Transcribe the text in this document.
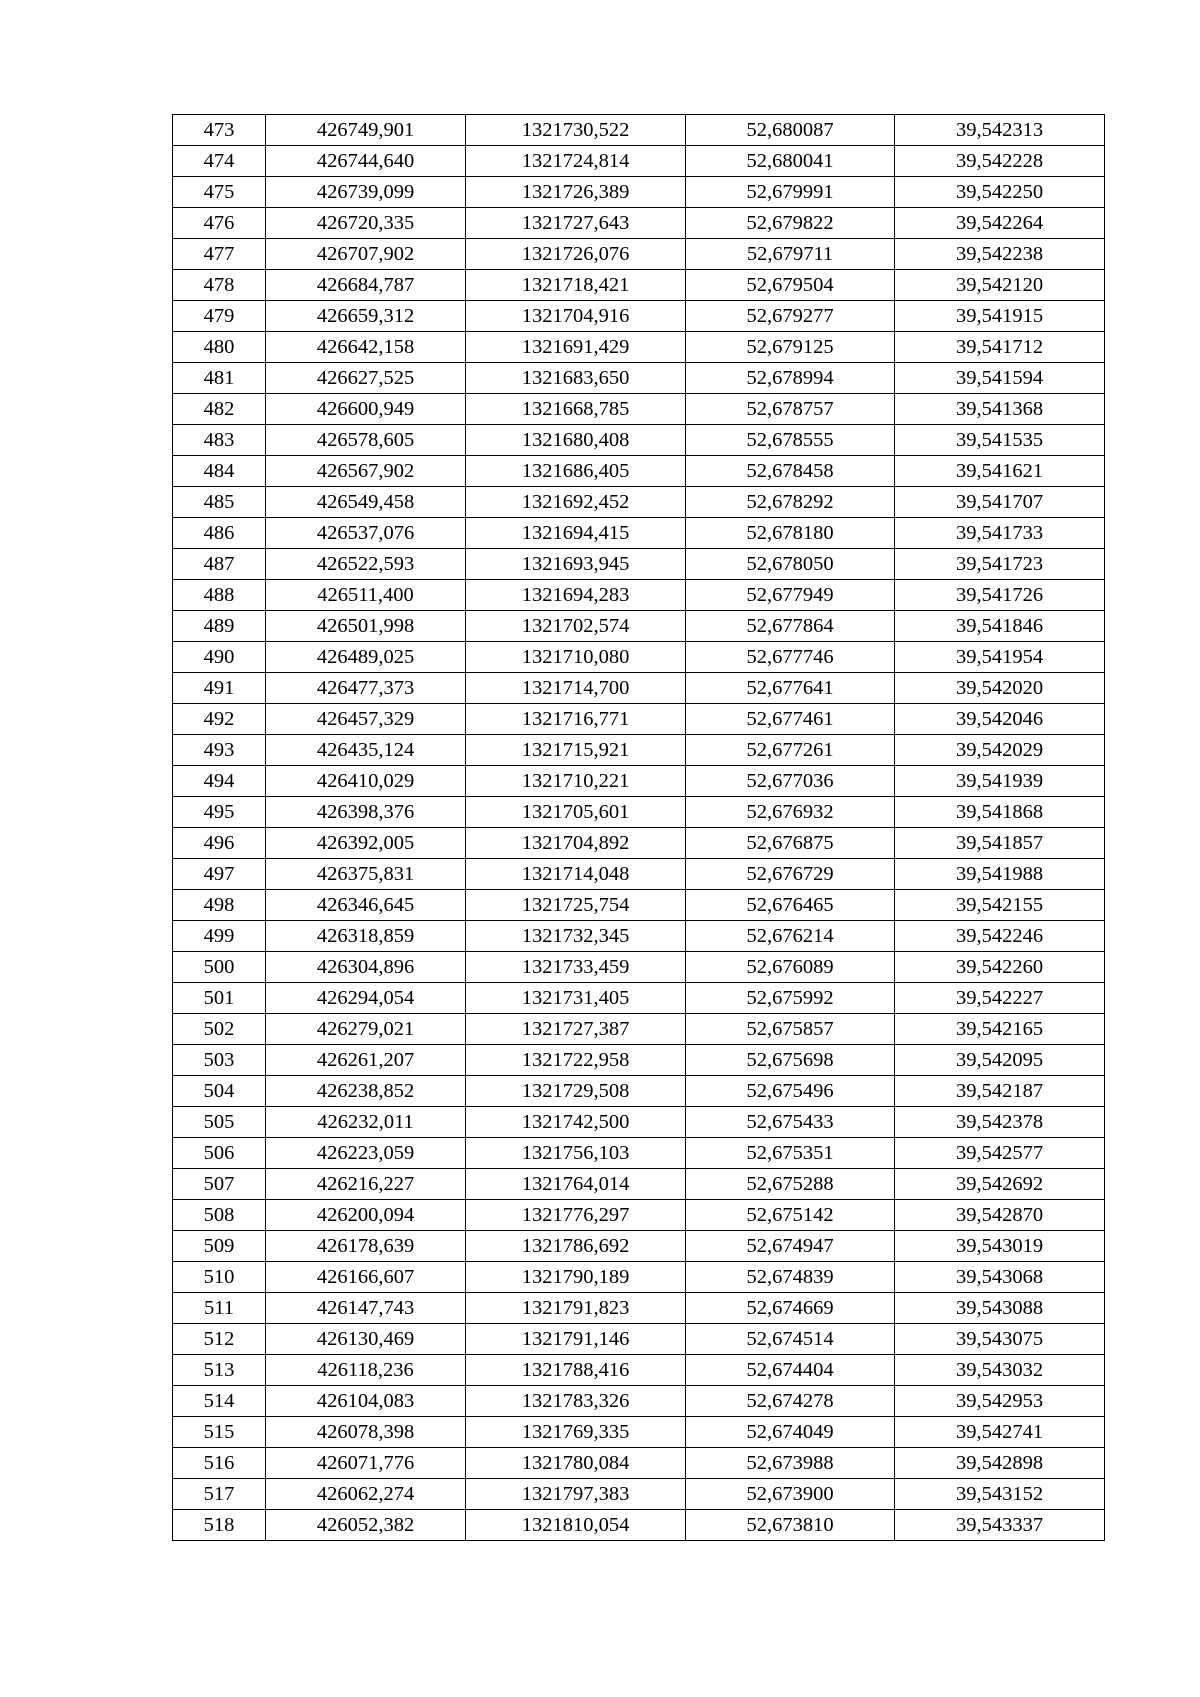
473	426749,901	1321730,522	52,680087	39,542313
474	426744,640	1321724,814	52,680041	39,542228
475	426739,099	1321726,389	52,679991	39,542250
476	426720,335	1321727,643	52,679822	39,542264
477	426707,902	1321726,076	52,679711	39,542238
478	426684,787	1321718,421	52,679504	39,542120
479	426659,312	1321704,916	52,679277	39,541915
480	426642,158	1321691,429	52,679125	39,541712
481	426627,525	1321683,650	52,678994	39,541594
482	426600,949	1321668,785	52,678757	39,541368
483	426578,605	1321680,408	52,678555	39,541535
484	426567,902	1321686,405	52,678458	39,541621
485	426549,458	1321692,452	52,678292	39,541707
486	426537,076	1321694,415	52,678180	39,541733
487	426522,593	1321693,945	52,678050	39,541723
488	426511,400	1321694,283	52,677949	39,541726
489	426501,998	1321702,574	52,677864	39,541846
490	426489,025	1321710,080	52,677746	39,541954
491	426477,373	1321714,700	52,677641	39,542020
492	426457,329	1321716,771	52,677461	39,542046
493	426435,124	1321715,921	52,677261	39,542029
494	426410,029	1321710,221	52,677036	39,541939
495	426398,376	1321705,601	52,676932	39,541868
496	426392,005	1321704,892	52,676875	39,541857
497	426375,831	1321714,048	52,676729	39,541988
498	426346,645	1321725,754	52,676465	39,542155
499	426318,859	1321732,345	52,676214	39,542246
500	426304,896	1321733,459	52,676089	39,542260
501	426294,054	1321731,405	52,675992	39,542227
502	426279,021	1321727,387	52,675857	39,542165
503	426261,207	1321722,958	52,675698	39,542095
504	426238,852	1321729,508	52,675496	39,542187
505	426232,011	1321742,500	52,675433	39,542378
506	426223,059	1321756,103	52,675351	39,542577
507	426216,227	1321764,014	52,675288	39,542692
508	426200,094	1321776,297	52,675142	39,542870
509	426178,639	1321786,692	52,674947	39,543019
510	426166,607	1321790,189	52,674839	39,543068
511	426147,743	1321791,823	52,674669	39,543088
512	426130,469	1321791,146	52,674514	39,543075
513	426118,236	1321788,416	52,674404	39,543032
514	426104,083	1321783,326	52,674278	39,542953
515	426078,398	1321769,335	52,674049	39,542741
516	426071,776	1321780,084	52,673988	39,542898
517	426062,274	1321797,383	52,673900	39,543152
518	426052,382	1321810,054	52,673810	39,543337
